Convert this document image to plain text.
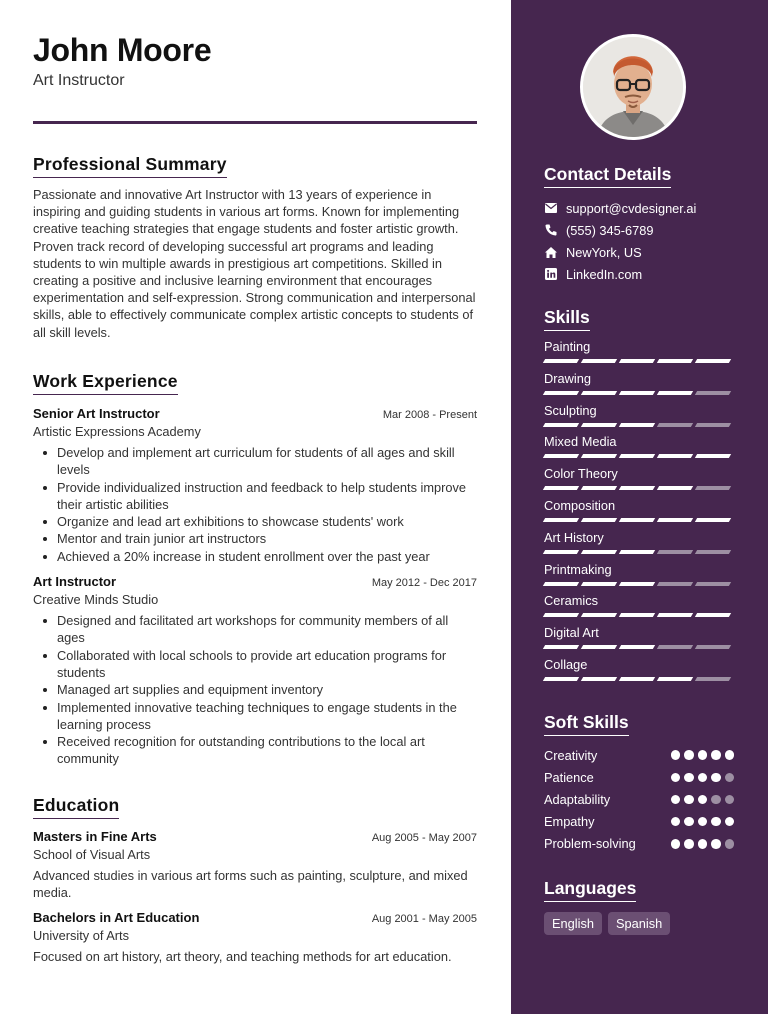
John Moore
Art Instructor
Professional Summary

Passionate and innovative Art Instructor with 13 years of experience in inspiring and guiding students in various art forms. Known for implementing creative teaching strategies that engage students and foster artistic growth. Proven track record of developing successful art programs and leading students to win multiple awards in prestigious art competitions. Skilled in creating a positive and inclusive learning environment that encourages experimentation and self-expression. Strong communication and interpersonal skills, able to effectively communicate complex artistic concepts to students of all skill levels.

Work Experience
Senior Art Instructor	Mar 2008 - Present
Artistic Expressions Academy
Develop and implement art curriculum for students of all ages and skill levels
Provide individualized instruction and feedback to help students improve their artistic abilities
Organize and lead art exhibitions to showcase students' work
Mentor and train junior art instructors
Achieved a 20% increase in student enrollment over the past year
Art Instructor	May 2012 - Dec 2017
Creative Minds Studio
Designed and facilitated art workshops for community members of all ages
Collaborated with local schools to provide art education programs for students
Managed art supplies and equipment inventory
Implemented innovative teaching techniques to engage students in the learning process
Received recognition for outstanding contributions to the local art community
Education
Masters in Fine Arts	Aug 2005 - May 2007
School of Visual Arts
Advanced studies in various art forms such as painting, sculpture, and mixed media.
Bachelors in Art Education	Aug 2001 - May 2005
University of Arts
Focused on art history, art theory, and teaching methods for art education.
Contact Details
support@cvdesigner.ai
(555) 345-6789
NewYork, US
LinkedIn.com
Skills
Painting
Drawing
Sculpting
Mixed Media
Color Theory
Composition
Art History
Printmaking
Ceramics
Digital Art
Collage
Soft Skills
Creativity
Patience
Adaptability
Empathy
Problem-solving
Languages
English	Spanish
